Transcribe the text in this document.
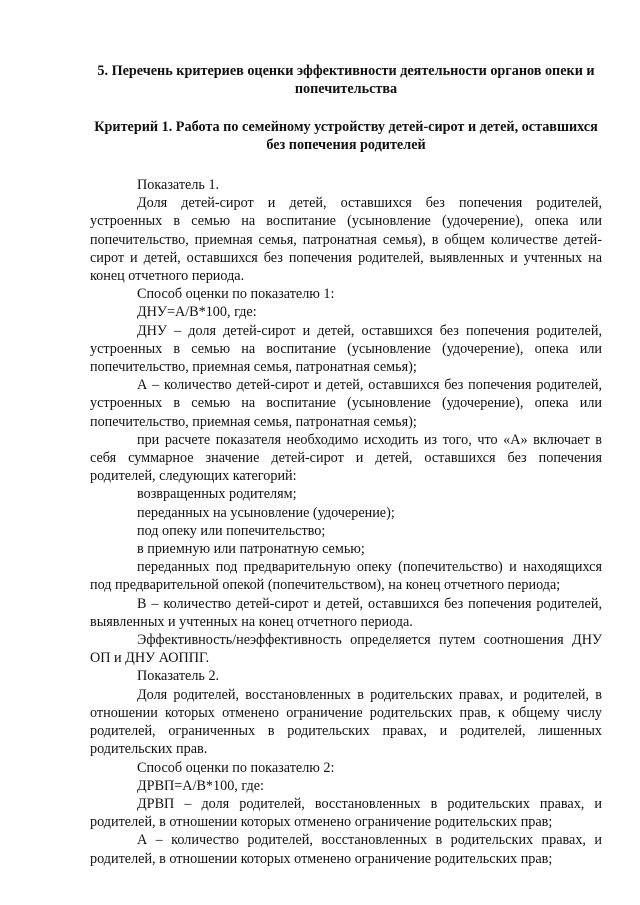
5. Перечень критериев оценки эффективности деятельности органов опеки и попечительства
Критерий 1. Работа по семейному устройству детей-сирот и детей, оставшихся без попечения родителей

Показатель 1.

Доля детей-сирот и детей, оставшихся без попечения родителей, устроенных в семью на воспитание (усыновление (удочерение), опека или попечительство, приемная семья, патронатная семья), в общем количестве детей-сирот и детей, оставшихся без попечения родителей, выявленных и учтенных на конец отчетного периода.

Способ оценки по показателю 1:

ДНУ=А/В*100, где:

ДНУ – доля детей-сирот и детей, оставшихся без попечения родителей, устроенных в семью на воспитание (усыновление (удочерение), опека или попечительство, приемная семья, патронатная семья);

А – количество детей-сирот и детей, оставшихся без попечения родителей, устроенных в семью на воспитание (усыновление (удочерение), опека или попечительство, приемная семья, патронатная семья);

при расчете показателя необходимо исходить из того, что «А» включает в себя суммарное значение детей-сирот и детей, оставшихся без попечения родителей, следующих категорий:

возвращенных родителям;

переданных на усыновление (удочерение);

под опеку или попечительство;

в приемную или патронатную семью;

переданных под предварительную опеку (попечительство) и находящихся под предварительной опекой (попечительством), на конец отчетного периода;

В – количество детей-сирот и детей, оставшихся без попечения родителей, выявленных и учтенных на конец отчетного периода.

Эффективность/неэффективность определяется путем соотношения ДНУ ОП и ДНУ АОППГ.

Показатель 2.

Доля родителей, восстановленных в родительских правах, и родителей, в отношении которых отменено ограничение родительских прав, к общему числу родителей, ограниченных в родительских правах, и родителей, лишенных родительских прав.

Способ оценки по показателю 2:

ДРВП=А/В*100, где:

ДРВП – доля родителей, восстановленных в родительских правах, и родителей, в отношении которых отменено ограничение родительских прав;

А – количество родителей, восстановленных в родительских правах, и родителей, в отношении которых отменено ограничение родительских прав;
